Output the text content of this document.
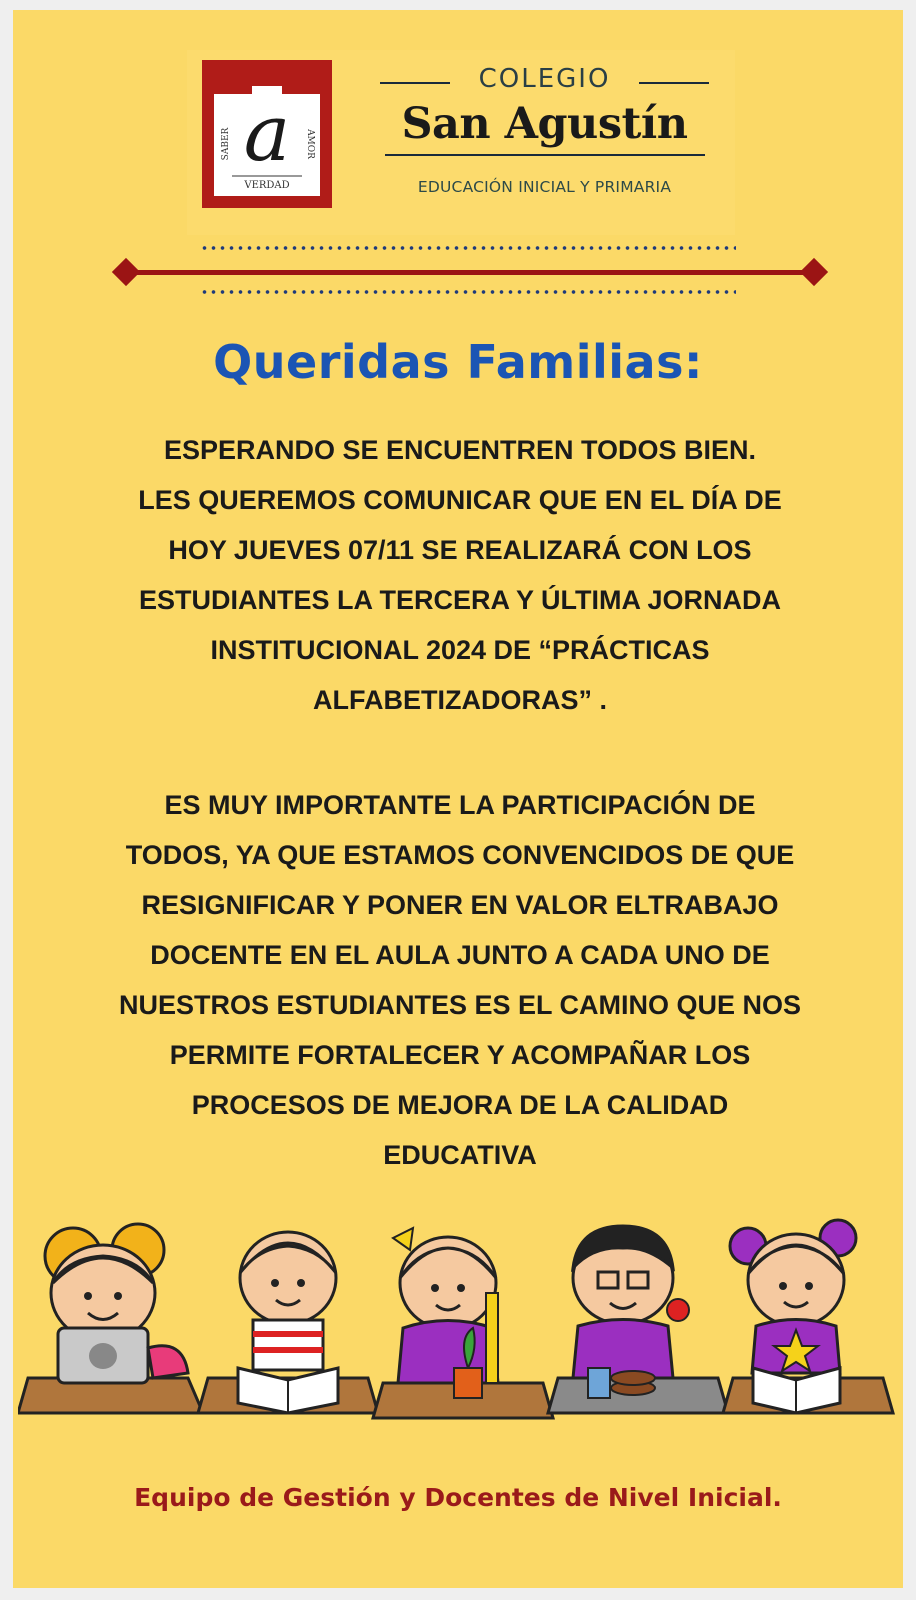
a
SABER	AMOR
VERDAD
COLEGIO
San Agustín
EDUCACIÓN INICIAL Y PRIMARIA
Queridas Familias:
ESPERANDO SE ENCUENTREN TODOS BIEN.
LES QUEREMOS COMUNICAR QUE EN EL DÍA DE
HOY JUEVES 07/11 SE REALIZARÁ CON LOS
ESTUDIANTES LA TERCERA Y ÚLTIMA JORNADA
INSTITUCIONAL 2024 DE “PRÁCTICAS
ALFABETIZADORAS” .
ES MUY IMPORTANTE LA PARTICIPACIÓN DE
TODOS, YA QUE ESTAMOS CONVENCIDOS DE QUE
RESIGNIFICAR Y PONER EN VALOR ELTRABAJO
DOCENTE EN EL AULA JUNTO A CADA UNO DE
NUESTROS ESTUDIANTES ES EL CAMINO QUE NOS
PERMITE FORTALECER Y ACOMPAÑAR LOS
PROCESOS DE MEJORA DE LA CALIDAD
EDUCATIVA
Equipo de Gestión y Docentes de Nivel Inicial.
